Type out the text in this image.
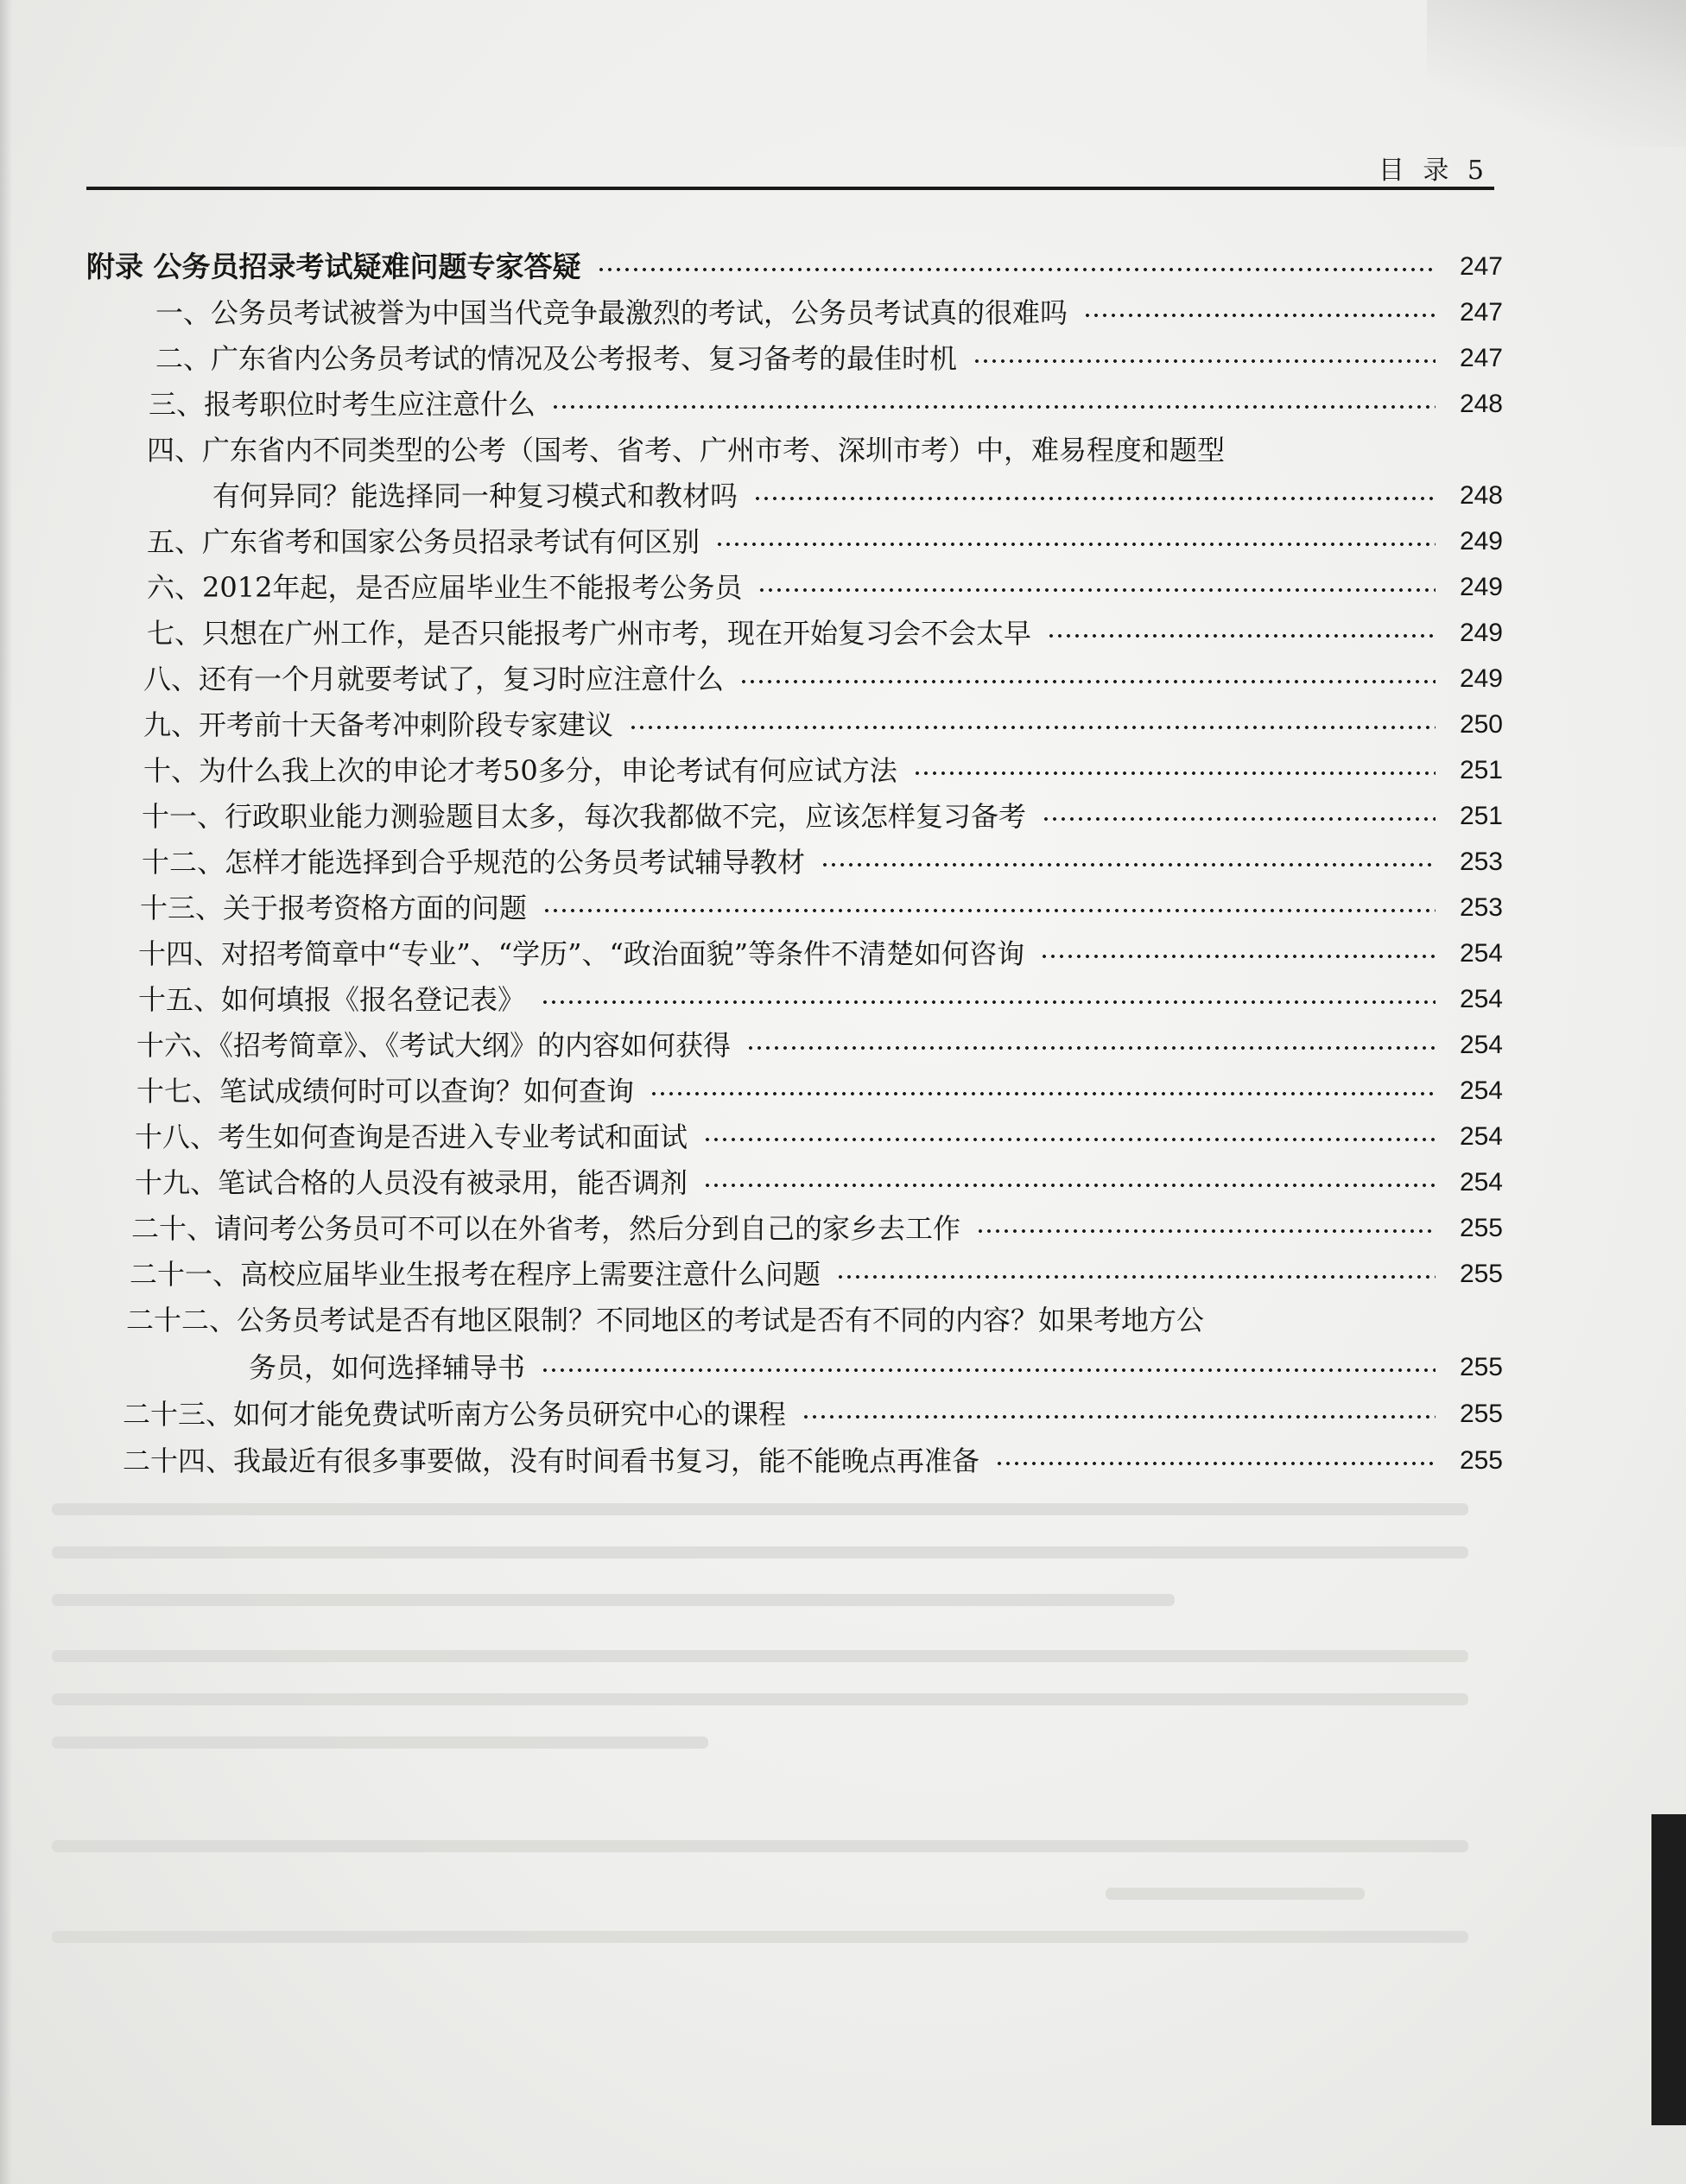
目 录 5
附录 公务员招录考试疑难问题专家答疑	247
一、公务员考试被誉为中国当代竞争最激烈的考试，公务员考试真的很难吗	247
二、广东省内公务员考试的情况及公考报考、复习备考的最佳时机	247
三、报考职位时考生应注意什么	248
四、广东省内不同类型的公考（国考、省考、广州市考、深圳市考）中，难易程度和题型
有何异同？能选择同一种复习模式和教材吗	248
五、广东省考和国家公务员招录考试有何区别	249
六、2012年起，是否应届毕业生不能报考公务员	249
七、只想在广州工作，是否只能报考广州市考，现在开始复习会不会太早	249
八、还有一个月就要考试了，复习时应注意什么	249
九、开考前十天备考冲刺阶段专家建议	250
十、为什么我上次的申论才考50多分，申论考试有何应试方法	251
十一、行政职业能力测验题目太多，每次我都做不完，应该怎样复习备考	251
十二、怎样才能选择到合乎规范的公务员考试辅导教材	253
十三、关于报考资格方面的问题	253
十四、对招考简章中“专业”、“学历”、“政治面貌”等条件不清楚如何咨询	254
十五、如何填报《报名登记表》	254
十六、《招考简章》、《考试大纲》的内容如何获得	254
十七、笔试成绩何时可以查询？如何查询	254
十八、考生如何查询是否进入专业考试和面试	254
十九、笔试合格的人员没有被录用，能否调剂	254
二十、请问考公务员可不可以在外省考，然后分到自己的家乡去工作	255
二十一、高校应届毕业生报考在程序上需要注意什么问题	255
二十二、公务员考试是否有地区限制？不同地区的考试是否有不同的内容？如果考地方公
务员，如何选择辅导书	255
二十三、如何才能免费试听南方公务员研究中心的课程	255
二十四、我最近有很多事要做，没有时间看书复习，能不能晚点再准备	255
